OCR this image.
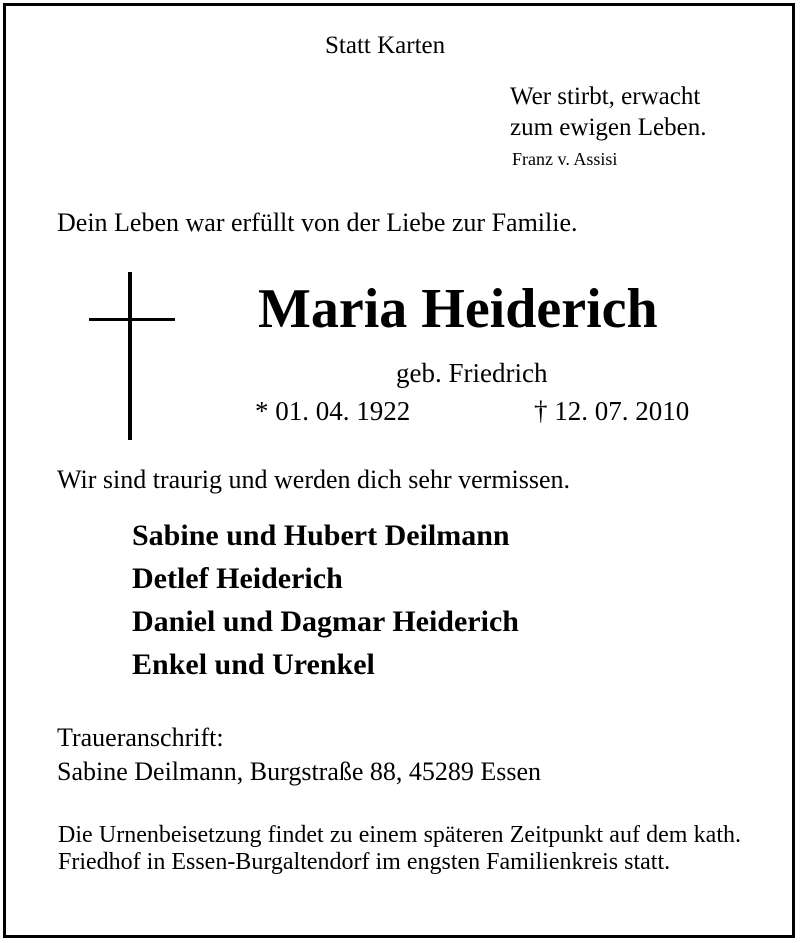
Statt Karten
Wer stirbt, erwacht
zum ewigen Leben.
Franz v. Assisi
Dein Leben war erfüllt von der Liebe zur Familie.
Maria Heiderich
geb. Friedrich
* 01. 04. 1922	† 12. 07. 2010
Wir sind traurig und werden dich sehr vermissen.
Sabine und Hubert Deilmann
Detlef Heiderich
Daniel und Dagmar Heiderich
Enkel und Urenkel
Traueranschrift:
Sabine Deilmann, Burgstraße 88, 45289 Essen
Die Urnenbeisetzung findet zu einem späteren Zeitpunkt auf dem kath. Friedhof in Essen-Burgaltendorf im engsten Familienkreis statt.
